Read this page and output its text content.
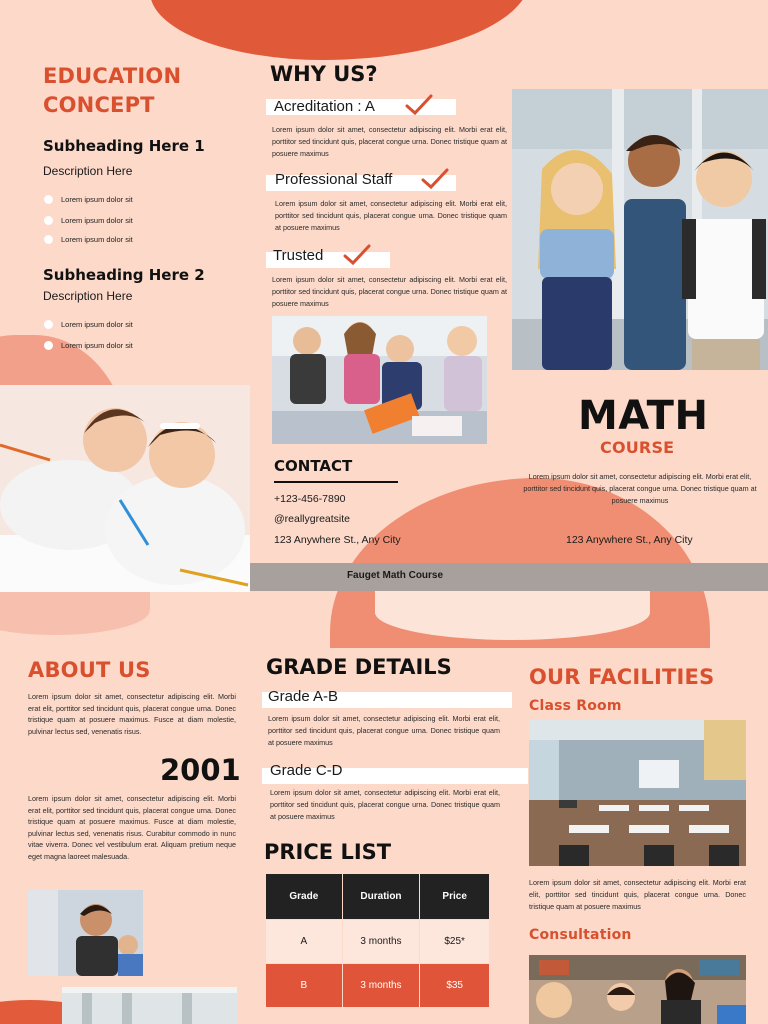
EDUCATION
CONCEPT
Subheading Here 1
Description Here
Lorem ipsum dolor sit
Lorem ipsum dolor sit
Lorem ipsum dolor sit
Subheading Here 2
Description Here
Lorem ipsum dolor sit
Lorem ipsum dolor sit
WHY US?
Acreditation : A
Lorem ipsum dolor sit amet, consectetur adipiscing elit. Morbi erat elit, porttitor sed tincidunt quis, placerat congue urna. Donec tristique quam at posuere maximus
Professional Staff
Lorem ipsum dolor sit amet, consectetur adipiscing elit. Morbi erat elit, porttitor sed tincidunt quis, placerat congue urna. Donec tristique quam at posuere maximus
Trusted
Lorem ipsum dolor sit amet, consectetur adipiscing elit. Morbi erat elit, porttitor sed tincidunt quis, placerat congue urna. Donec tristique quam at posuere maximus
CONTACT
+123-456-7890
@reallygreatsite
123 Anywhere St., Any City
MATH
COURSE
Lorem ipsum dolor sit amet, consectetur adipiscing elit. Morbi erat elit, porttitor sed tincidunt quis, placerat congue urna. Donec tristique quam at posuere maximus
123 Anywhere St., Any City
Fauget Math Course
ABOUT US
Lorem ipsum dolor sit amet, consectetur adipiscing elit. Morbi erat elit, porttitor sed tincidunt quis, placerat congue urna. Donec tristique quam at posuere maximus. Fusce at diam molestie, pulvinar lectus sed, venenatis risus.
2001
Lorem ipsum dolor sit amet, consectetur adipiscing elit. Morbi erat elit, porttitor sed tincidunt quis, placerat congue urna. Donec tristique quam at posuere maximus. Fusce at diam molestie, pulvinar lectus sed, venenatis risus. Curabitur commodo in nunc vitae viverra. Donec vel vestibulum erat. Aliquam pretium neque eget magna laoreet malesuada.
GRADE DETAILS
Grade A-B
Lorem ipsum dolor sit amet, consectetur adipiscing elit. Morbi erat elit, porttitor sed tincidunt quis, placerat congue urna. Donec tristique quam at posuere maximus
Grade C-D
Lorem ipsum dolor sit amet, consectetur adipiscing elit. Morbi erat elit, porttitor sed tincidunt quis, placerat congue urna. Donec tristique quam at posuere maximus
PRICE LIST
Grade	Duration	Price
A	3 months	$25*
B	3 months	$35
OUR FACILITIES
Class Room
Lorem ipsum dolor sit amet, consectetur adipiscing elit. Morbi erat elit, porttitor sed tincidunt quis, placerat congue urna. Donec tristique quam at posuere maximus
Consultation
